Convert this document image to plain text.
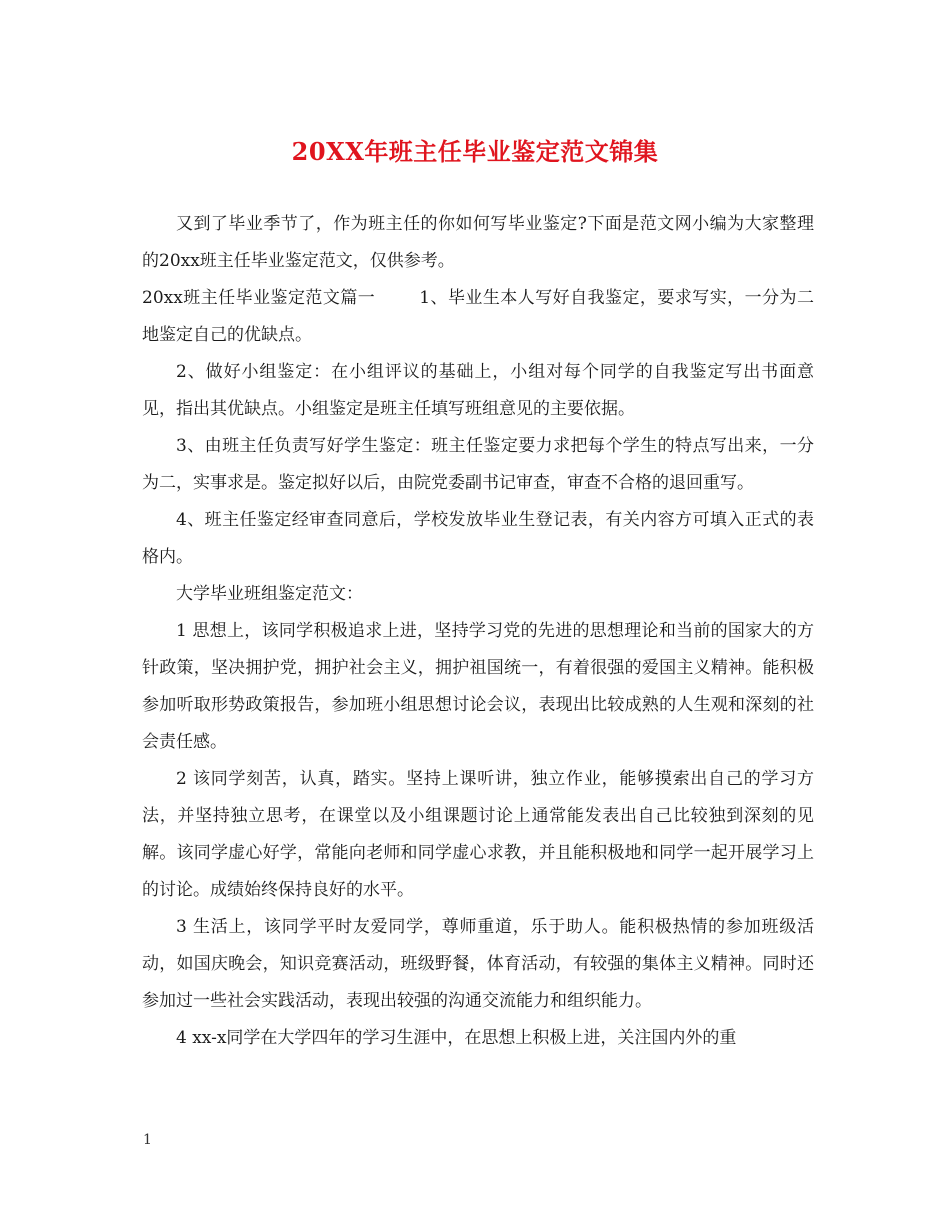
20XX年班主任毕业鉴定范文锦集

又到了毕业季节了，作为班主任的你如何写毕业鉴定?下面是范文网小编为大家整理的20xx班主任毕业鉴定范文，仅供参考。

20xx班主任毕业鉴定范文篇一	1、毕业生本人写好自我鉴定，要求写实，一分为二地鉴定自己的优缺点。

2、做好小组鉴定：在小组评议的基础上，小组对每个同学的自我鉴定写出书面意见，指出其优缺点。小组鉴定是班主任填写班组意见的主要依据。

3、由班主任负责写好学生鉴定：班主任鉴定要力求把每个学生的特点写出来，一分为二，实事求是。鉴定拟好以后，由院党委副书记审查，审查不合格的退回重写。

4、班主任鉴定经审查同意后，学校发放毕业生登记表，有关内容方可填入正式的表格内。

大学毕业班组鉴定范文：

1 思想上，该同学积极追求上进，坚持学习党的先进的思想理论和当前的国家大的方针政策，坚决拥护党，拥护社会主义，拥护祖国统一，有着很强的爱国主义精神。能积极参加听取形势政策报告，参加班小组思想讨论会议，表现出比较成熟的人生观和深刻的社会责任感。

2 该同学刻苦，认真，踏实。坚持上课听讲，独立作业，能够摸索出自己的学习方法，并坚持独立思考，在课堂以及小组课题讨论上通常能发表出自己比较独到深刻的见解。该同学虚心好学，常能向老师和同学虚心求教，并且能积极地和同学一起开展学习上的讨论。成绩始终保持良好的水平。

3 生活上，该同学平时友爱同学，尊师重道，乐于助人。能积极热情的参加班级活动，如国庆晚会，知识竞赛活动，班级野餐，体育活动，有较强的集体主义精神。同时还参加过一些社会实践活动，表现出较强的沟通交流能力和组织能力。

4 xx-x同学在大学四年的学习生涯中，在思想上积极上进，关注国内外的重

1
